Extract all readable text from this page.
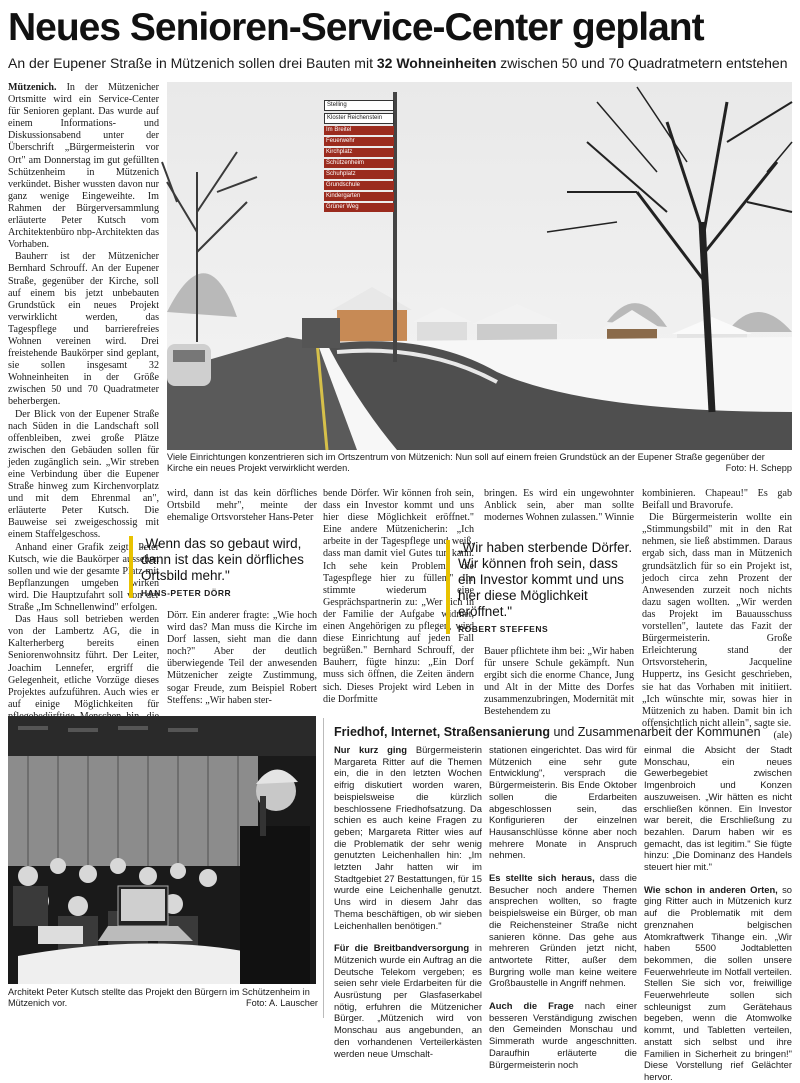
Neues Senioren-Service-Center geplant
An der Eupener Straße in Mützenich sollen drei Bauten mit 32 Wohneinheiten zwischen 50 und 70 Quadratmetern entstehen

Mützenich. In der Mützenicher Ortsmitte wird ein Service-Center für Senioren geplant. Das wurde auf einem Informations- und Diskussionsabend unter der Überschrift „Bürgermeisterin vor Ort" am Donnerstag im gut gefüllten Schützenheim in Mützenich verkündet. Bisher wussten davon nur ganz wenige Eingeweihte. Im Rahmen der Bürgerversammlung erläuterte Peter Kutsch vom Architektenbüro nbp-Architekten das Vorhaben.

Bauherr ist der Mützenicher Bernhard Schrouff. An der Eupener Straße, gegenüber der Kirche, soll auf einem bis jetzt unbebauten Grundstück ein neues Projekt verwirklicht werden, das Tagespflege und barrierefreies Wohnen vereinen wird. Drei freistehende Baukörper sind geplant, sie sollen insgesamt 32 Wohneinheiten in der Größe zwischen 50 und 70 Quadratmeter beherbergen.

Der Blick von der Eupener Straße nach Süden in die Landschaft soll offenbleiben, zwei große Plätze zwischen den Gebäuden sollen für jeden zugänglich sein. „Wir streben eine Verbindung über die Eupener Straße hinweg zum Kirchenvorplatz und mit dem Ehrenmal an", erläuterte Peter Kutsch. Die Bauweise sei zweigeschossig mit einem Staffelgeschoss.

Anhand einer Grafik zeigte Peter Kutsch, wie die Baukörper aussehen sollen und wie der gesamte Platz mit Bepflanzungen umgeben wirken wird. Die Hauptzufahrt soll von der Straße „Im Schnellenwind" erfolgen.

Das Haus soll betrieben werden von der Lambertz AG, die in Kalterherberg bereits einen Seniorenwohnsitz führt. Der Leiter, Joachim Lennefer, ergriff die Gelegenheit, etliche Vorzüge dieses Projektes aufzuführen. Auch wies er auf einige Möglichkeiten für

Stelling
Kloster Reichenstein
Im Breitel
Feuerwehr
Kirchplatz
Schützenheim
Schuhplatz
Grundschule
Kindergarten
Grüner Weg
Viele Einrichtungen konzentrieren sich im Ortszentrum von Mützenich: Nun soll auf einem freien Grundstück an der Eupener Straße gegenüber der Kirche ein neues Projekt verwirklicht werden.	Foto: H. Schepp

wird, dann ist das kein dörfliches Ortsbild mehr", meinte der ehemalige Ortsvorsteher Hans-Peter

„Wenn das so gebaut wird, dann ist das kein dörfliches Ortsbild mehr."
HANS-PETER DÖRR

Dörr. Ein anderer fragte: „Wie hoch wird das? Man muss die Kirche im Dorf lassen, sieht man die dann noch?" Aber der deutlich überwiegende Teil der anwesenden Mützenicher zeigte Zustimmung, sogar Freude, zum Beispiel Robert Steffens: „Wir haben ster-

bende Dörfer. Wir können froh sein, dass ein Investor kommt und uns hier diese Möglichkeit eröffnet." Eine andere Mützenicherin: „Ich arbeite in der Tagespflege und weiß, dass man damit viel Gutes tun kann. Ich sehe kein Problem, die Tagespflege hier zu füllen." Ihr stimmte wiederum eine Gesprächspartnerin zu: „Wer sich in der Familie der Aufgabe widmet, einen Angehörigen zu pflegen, wird diese Einrichtung auf jeden Fall begrüßen." Bernhard Schrouff, der Bauherr, fügte hinzu: „Ein Dorf muss sich öffnen, die Zeiten ändern sich. Dieses Projekt wird Leben in die Dorfmitte

bringen. Es wird ein ungewohnter Anblick sein, aber man sollte modernes Wohnen zulassen." Winnie

„Wir haben sterbende Dörfer. Wir können froh sein, dass ein Investor kommt und uns hier diese Möglichkeit eröffnet."
ROBERT STEFFENS

Bauer pflichtete ihm bei: „Wir haben für unsere Schule gekämpft. Nun ergibt sich die enorme Chance, Jung und Alt in der Mitte des Dorfes zusammenzubringen, Modernität mit Bestehendem zu

kombinieren. Chapeau!" Es gab Beifall und Bravorufe.

Die Bürgermeisterin wollte ein „Stimmungsbild" mit in den Rat nehmen, sie ließ abstimmen. Daraus ergab sich, dass man in Mützenich grundsätzlich für so ein Projekt ist, jedoch circa zehn Prozent der Anwesenden zurzeit noch nichts dazu sagen wollten. „Wir werden das Projekt im Bauausschuss vorstellen", lautete das Fazit der Bürgermeisterin. Große Erleichterung stand der Ortsvorsteherin, Jacqueline Huppertz, ins Gesicht geschrieben, sie hat das Vorhaben mit initiiert. „Ich wünschte mir, sowas hier in Mützenich zu haben. Damit bin ich offensichtlich nicht allein", sagte sie.

(ale)
Architekt Peter Kutsch stellte das Projekt den Bürgern im Schützenheim in Mützenich vor.	Foto: A. Lauscher
Friedhof, Internet, Straßensanierung und Zusammenarbeit der Kommunen

Nur kurz ging Bürgermeisterin Margareta Ritter auf die Themen ein, die in den letzten Wochen eifrig diskutiert worden waren, beispielsweise die kürzlich beschlossene Friedhofsatzung. Da schien es auch keine Fragen zu geben; Margareta Ritter wies auf die Problematik der sehr wenig genutzten Leichenhallen hin: „Im letzten Jahr hatten wir im Stadtgebiet 27 Bestattungen, für 15 wurde eine Leichenhalle genutzt. Uns wird in diesem Jahr das Thema beschäftigen, ob wir sieben Leichenhallen benötigen."

Für die Breitbandversorgung in Mützenich wurde ein Auftrag an die Deutsche Telekom vergeben; es seien sehr viele Erdarbeiten für die Ausrüstung per Glasfaserkabel nötig, erfuhren die Mützenicher Bürger. „Mützenich wird von Monschau aus angebunden, an den vorhandenen Verteilerkästen werden neue Umschalt-

stationen eingerichtet. Das wird für Mützenich eine sehr gute Entwicklung", versprach die Bürgermeisterin. Bis Ende Oktober sollen die Erdarbeiten abgeschlossen sein, das Konfigurieren der einzelnen Hausanschlüsse könne aber noch mehrere Monate in Anspruch nehmen.

Es stellte sich heraus, dass die Besucher noch andere Themen ansprechen wollten, so fragte beispielsweise ein Bürger, ob man die Reichensteiner Straße nicht sanieren könne. Das gehe aus mehreren Gründen jetzt nicht, antwortete Ritter, außer dem Burgring wolle man keine weitere Großbaustelle in Angriff nehmen.

Auch die Frage nach einer besseren Verständigung zwischen den Gemeinden Monschau und Simmerath wurde angeschnitten. Daraufhin erläuterte die Bürgermeisterin noch

einmal die Absicht der Stadt Monschau, ein neues Gewerbegebiet zwischen Imgenbroich und Konzen auszuweisen. „Wir hätten es nicht erschließen können. Ein Investor war bereit, die Erschließung zu bezahlen. Darum haben wir es gemacht, das ist legitim." Sie fügte hinzu: „Die Dominanz des Handels steuert hier mit."

Wie schon in anderen Orten, so ging Ritter auch in Mützenich kurz auf die Problematik mit dem grenznahen belgischen Atomkraftwerk Tihange ein. „Wir haben 5500 Jodtabletten bekommen, die sollen unsere Feuerwehrleute im Notfall verteilen. Stellen Sie sich vor, freiwillige Feuerwehrleute sollen sich schleunigst zum Gerätehaus begeben, wenn die Atomwolke kommt, und Tabletten verteilen, anstatt sich selbst und ihre Familien in Sicherheit zu bringen!" Diese Vorstellung rief Gelächter hervor.
